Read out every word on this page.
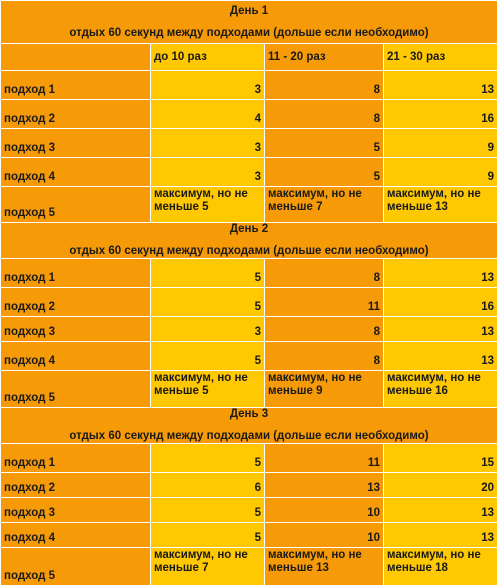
День 1
отдых 60 секунд между подходами (дольше если необходимо)			

	до 10 раз	11 - 20 раз	21 - 30 раз
подход 1	3	8	13
подход 2	4	8	16
подход 3	3	5	9
подход 4	3	5	9
подход 5	максимум, но не меньше 5	максимум, но не меньше 7	максимум, но не меньше 13

День 2
отдых 60 секунд между подходами (дольше если необходимо)			

подход 1	5	8	13
подход 2	5	11	16
подход 3	3	8	13
подход 4	5	8	13
подход 5	максимум, но не меньше 5	максимум, но не меньше 9	максимум, но не меньше 16

День 3
отдых 60 секунд между подходами (дольше если необходимо)			

подход 1	5	11	15
подход 2	6	13	20
подход 3	5	10	13
подход 4	5	10	13
подход 5	максимум, но не меньше 7	максимум, но не меньше 13	максимум, но не меньше 18
